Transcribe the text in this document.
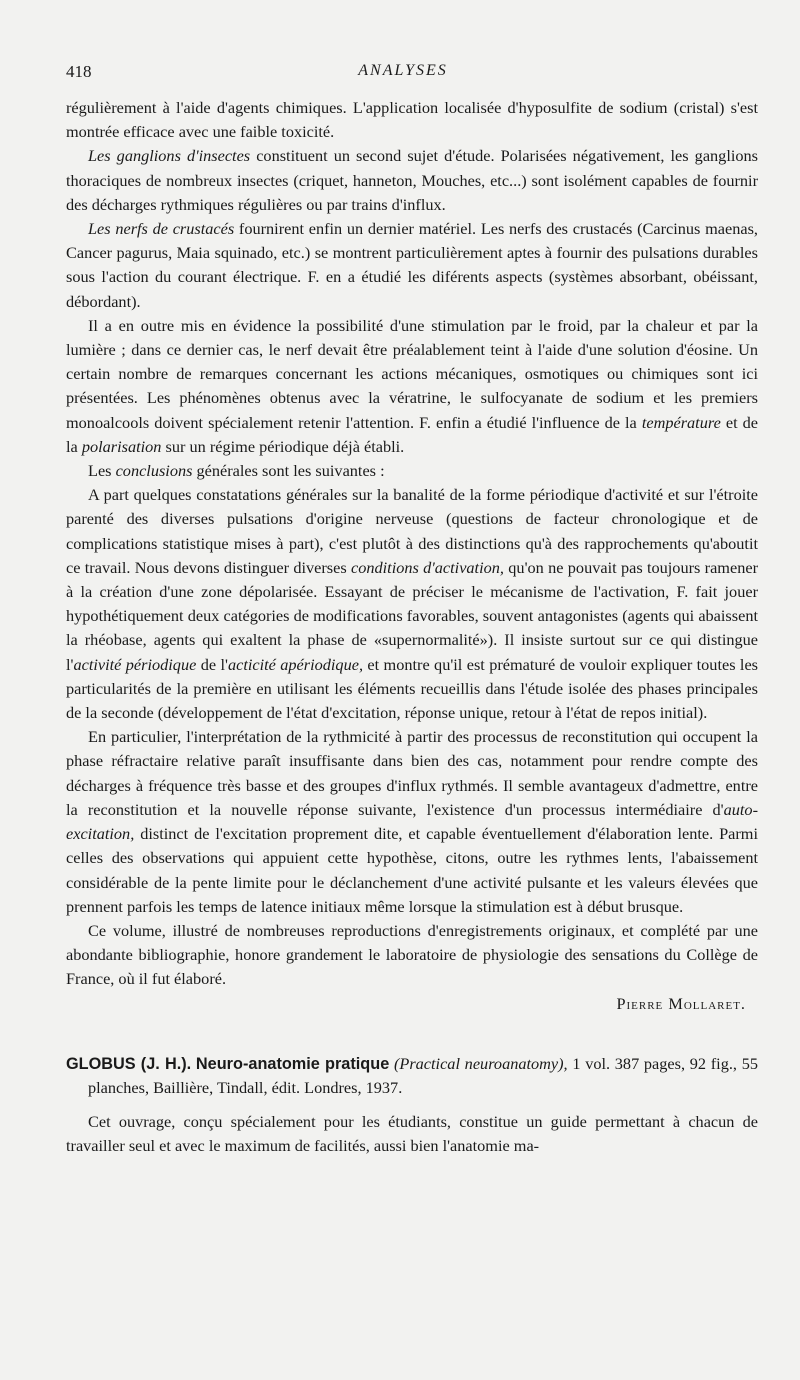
418	ANALYSES

régulièrement à l'aide d'agents chimiques. L'application localisée d'hyposulfite de sodium (cristal) s'est montrée efficace avec une faible toxicité.

Les ganglions d'insectes constituent un second sujet d'étude. Polarisées négativement, les ganglions thoraciques de nombreux insectes (criquet, hanneton, Mouches, etc...) sont isolément capables de fournir des décharges rythmiques régulières ou par trains d'influx.

Les nerfs de crustacés fournirent enfin un dernier matériel. Les nerfs des crustacés (Carcinus maenas, Cancer pagurus, Maia squinado, etc.) se montrent particulièrement aptes à fournir des pulsations durables sous l'action du courant électrique. F. en a étudié les diférents aspects (systèmes absorbant, obéissant, débordant).

Il a en outre mis en évidence la possibilité d'une stimulation par le froid, par la chaleur et par la lumière ; dans ce dernier cas, le nerf devait être préalablement teint à l'aide d'une solution d'éosine. Un certain nombre de remarques concernant les actions mécaniques, osmotiques ou chimiques sont ici présentées. Les phénomènes obtenus avec la vératrine, le sulfocyanate de sodium et les premiers monoalcools doivent spécialement retenir l'attention. F. enfin a étudié l'influence de la température et de la polarisation sur un régime périodique déjà établi.

Les conclusions générales sont les suivantes :

A part quelques constatations générales sur la banalité de la forme périodique d'activité et sur l'étroite parenté des diverses pulsations d'origine nerveuse (questions de facteur chronologique et de complications statistique mises à part), c'est plutôt à des distinctions qu'à des rapprochements qu'aboutit ce travail. Nous devons distinguer diverses conditions d'activation, qu'on ne pouvait pas toujours ramener à la création d'une zone dépolarisée. Essayant de préciser le mécanisme de l'activation, F. fait jouer hypothétiquement deux catégories de modifications favorables, souvent antagonistes (agents qui abaissent la rhéobase, agents qui exaltent la phase de «supernormalité»). Il insiste surtout sur ce qui distingue l'activité périodique de l'acticité apériodique, et montre qu'il est prématuré de vouloir expliquer toutes les particularités de la première en utilisant les éléments recueillis dans l'étude isolée des phases principales de la seconde (développement de l'état d'excitation, réponse unique, retour à l'état de repos initial).

En particulier, l'interprétation de la rythmicité à partir des processus de reconstitution qui occupent la phase réfractaire relative paraît insuffisante dans bien des cas, notamment pour rendre compte des décharges à fréquence très basse et des groupes d'influx rythmés. Il semble avantageux d'admettre, entre la reconstitution et la nouvelle réponse suivante, l'existence d'un processus intermédiaire d'auto-excitation, distinct de l'excitation proprement dite, et capable éventuellement d'élaboration lente. Parmi celles des observations qui appuient cette hypothèse, citons, outre les rythmes lents, l'abaissement considérable de la pente limite pour le déclanchement d'une activité pulsante et les valeurs élevées que prennent parfois les temps de latence initiaux même lorsque la stimulation est à début brusque.

Ce volume, illustré de nombreuses reproductions d'enregistrements originaux, et complété par une abondante bibliographie, honore grandement le laboratoire de physiologie des sensations du Collège de France, où il fut élaboré.

Pierre Mollaret.

GLOBUS (J. H.). Neuro-anatomie pratique (Practical neuroanatomy), 1 vol. 387 pages, 92 fig., 55 planches, Baillière, Tindall, édit. Londres, 1937.

Cet ouvrage, conçu spécialement pour les étudiants, constitue un guide permettant à chacun de travailler seul et avec le maximum de facilités, aussi bien l'anatomie ma-
